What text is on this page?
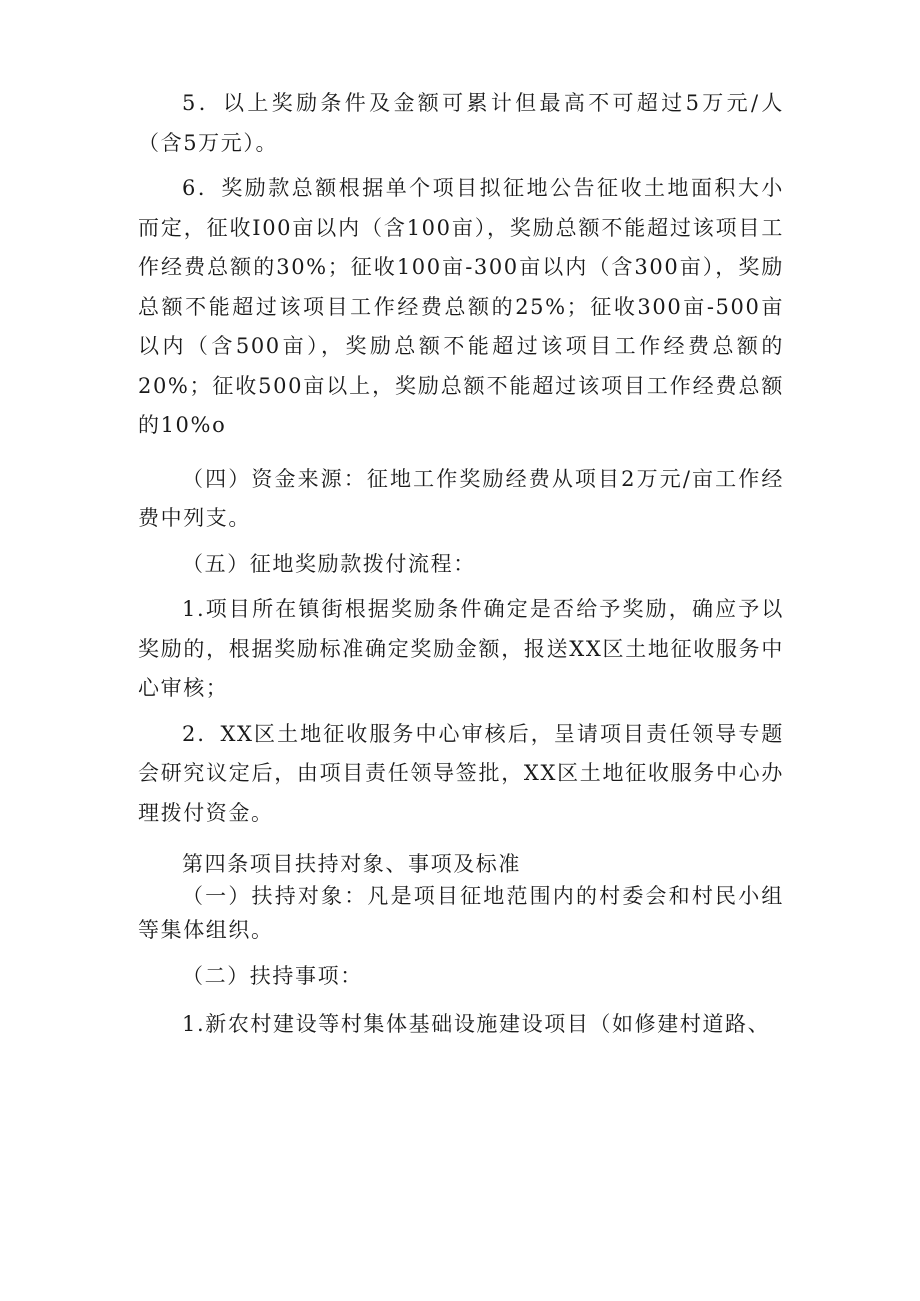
5．以上奖励条件及金额可累计但最高不可超过5万元/人（含5万元）。

6．奖励款总额根据单个项目拟征地公告征收土地面积大小而定，征收I00亩以内（含100亩），奖励总额不能超过该项目工作经费总额的30%；征收100亩-300亩以内（含300亩），奖励总额不能超过该项目工作经费总额的25%；征收300亩-500亩以内（含500亩），奖励总额不能超过该项目工作经费总额的20%；征收500亩以上，奖励总额不能超过该项目工作经费总额的10%o

（四）资金来源：征地工作奖励经费从项目2万元/亩工作经费中列支。

（五）征地奖励款拨付流程：

1.项目所在镇街根据奖励条件确定是否给予奖励，确应予以奖励的，根据奖励标准确定奖励金额，报送XX区土地征收服务中心审核；

2．XX区土地征收服务中心审核后，呈请项目责任领导专题会研究议定后，由项目责任领导签批，XX区土地征收服务中心办理拨付资金。

第四条项目扶持对象、事项及标准

（一）扶持对象：凡是项目征地范围内的村委会和村民小组等集体组织。

（二）扶持事项：

1.新农村建设等村集体基础设施建设项目（如修建村道路、
